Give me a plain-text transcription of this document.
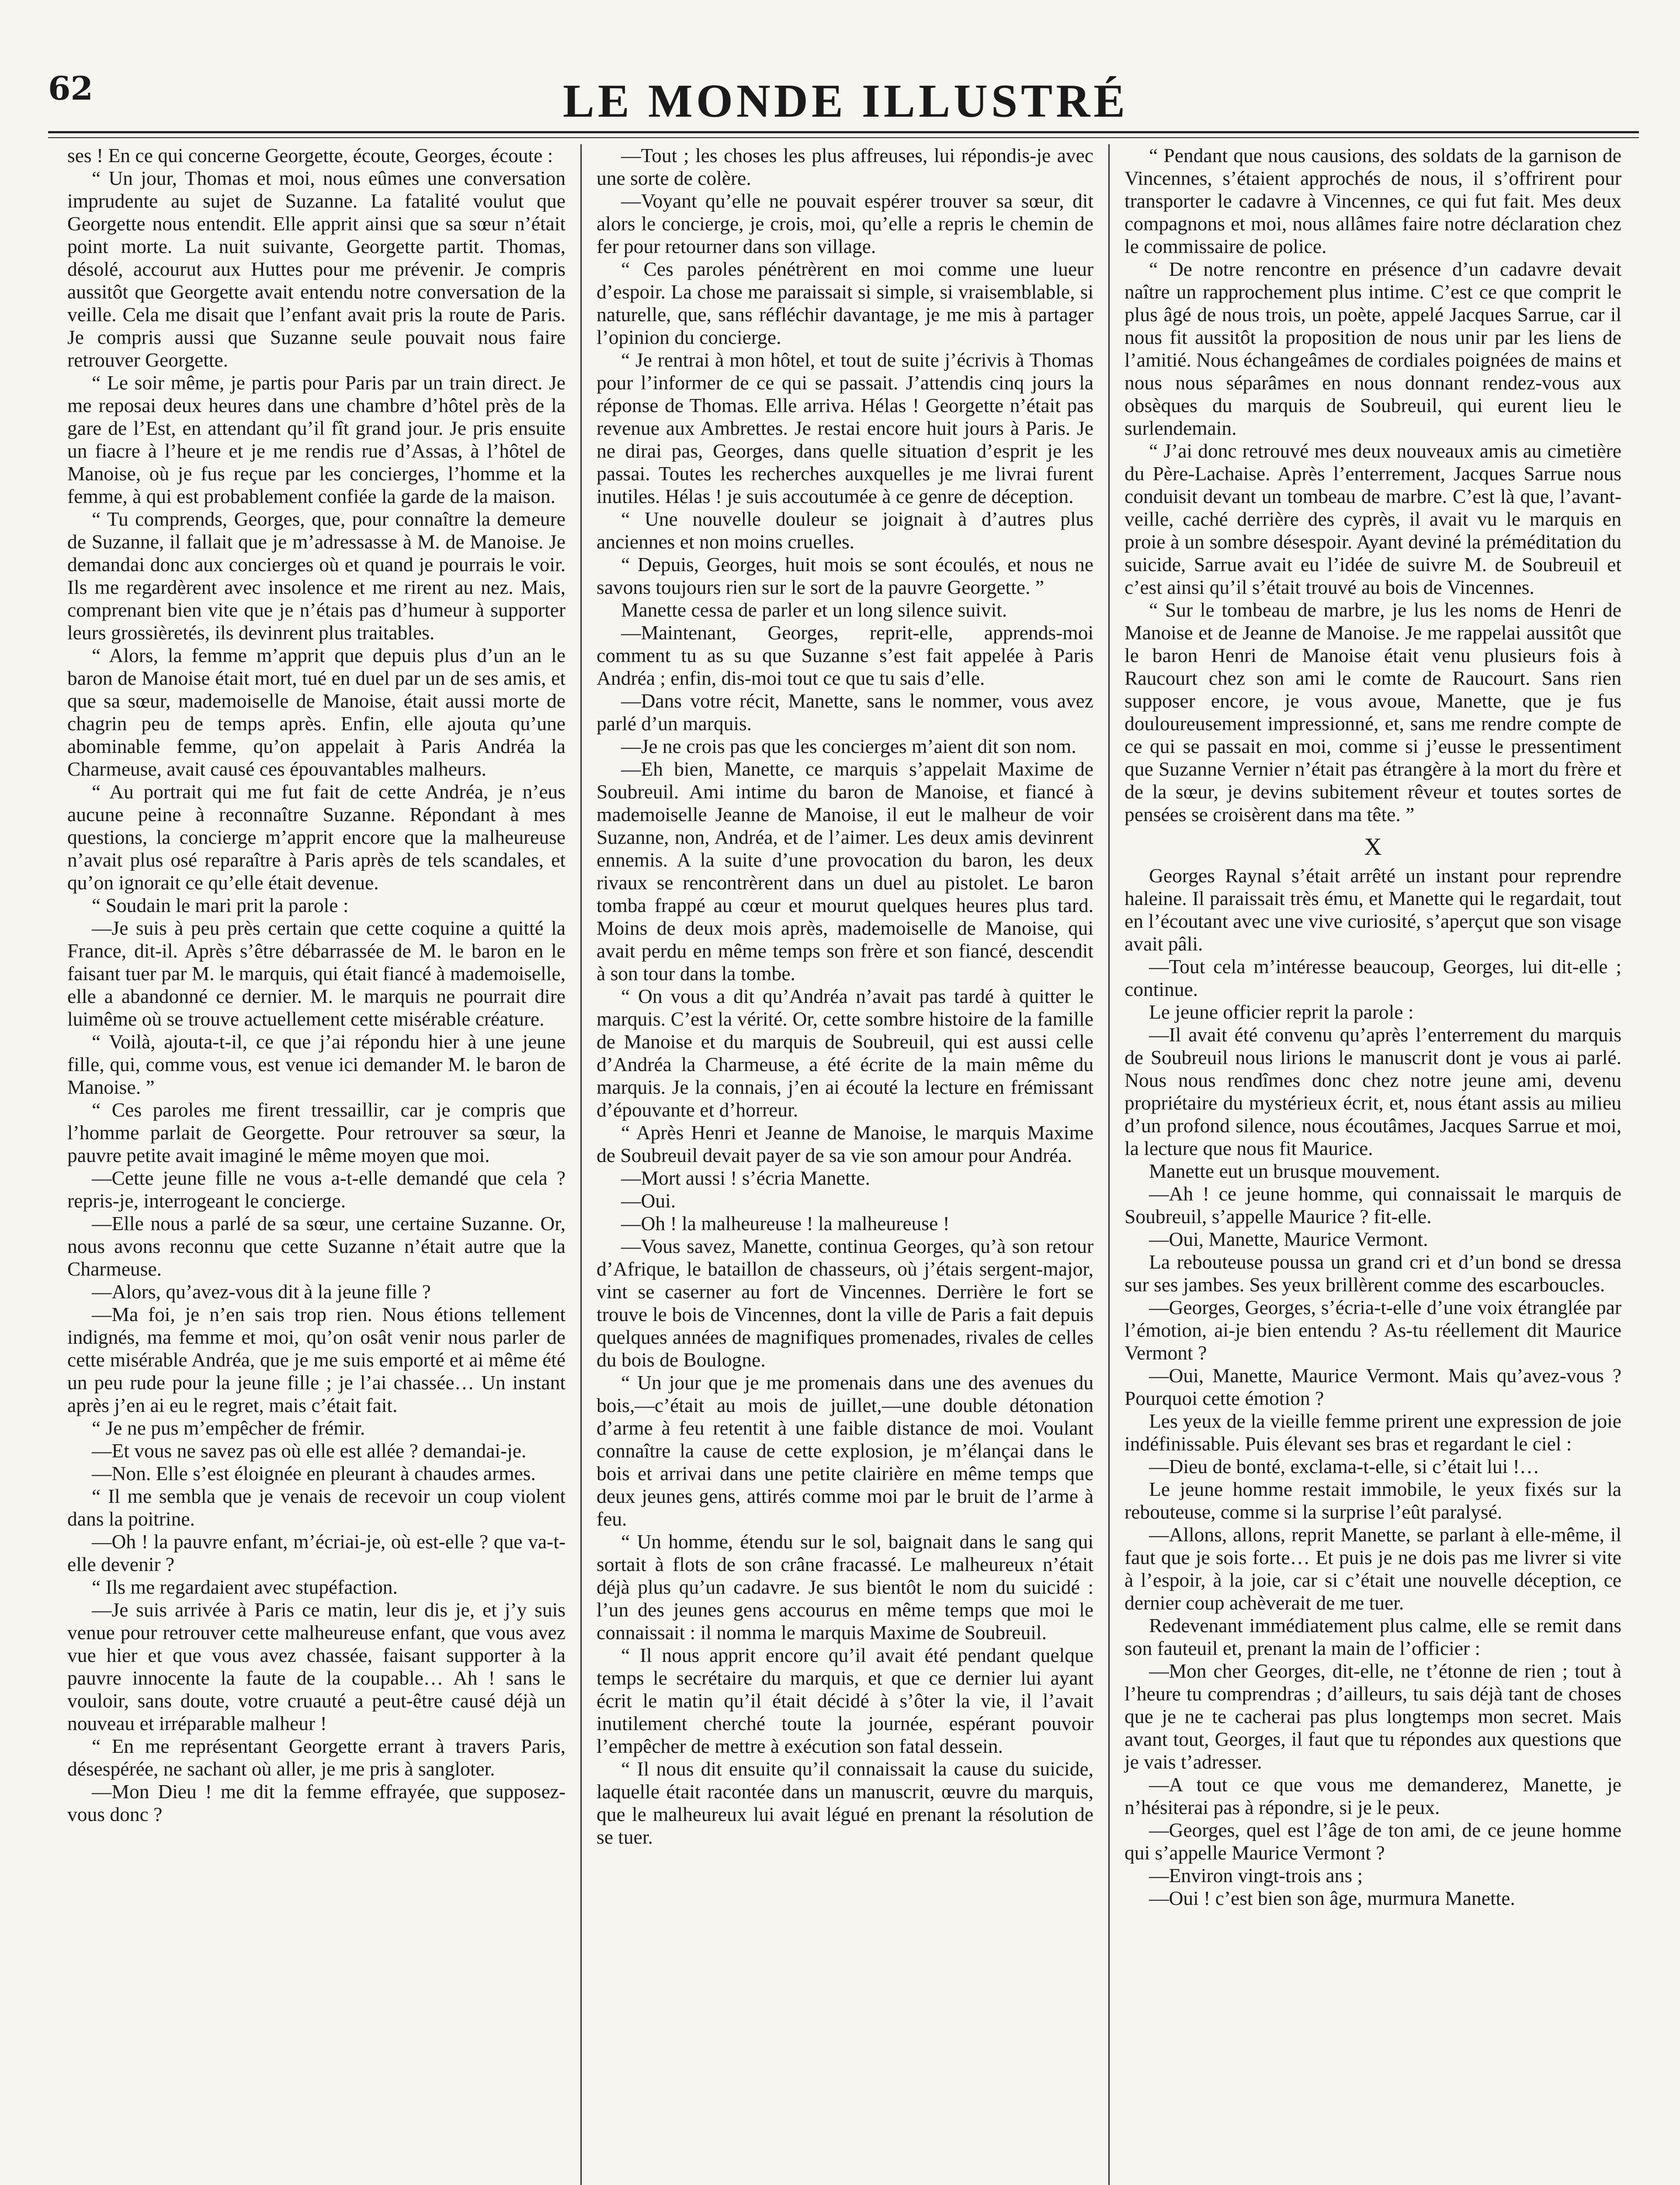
62	LE MONDE ILLUSTRÉ

ses ! En ce qui concerne Georgette, écoute, Georges, écoute :

“ Un jour, Thomas et moi, nous eûmes une conversation imprudente au sujet de Suzanne. La fatalité voulut que Georgette nous entendit. Elle apprit ainsi que sa sœur n’était point morte. La nuit suivante, Georgette partit. Thomas, désolé, accourut aux Huttes pour me prévenir. Je compris aussitôt que Georgette avait entendu notre conversation de la veille. Cela me disait que l’enfant avait pris la route de Paris. Je compris aussi que Suzanne seule pouvait nous faire retrouver Georgette.

“ Le soir même, je partis pour Paris par un train direct. Je me reposai deux heures dans une chambre d’hôtel près de la gare de l’Est, en attendant qu’il fît grand jour. Je pris ensuite un fiacre à l’heure et je me rendis rue d’Assas, à l’hôtel de Manoise, où je fus reçue par les concierges, l’homme et la femme, à qui est probablement confiée la garde de la maison.

“ Tu comprends, Georges, que, pour connaître la demeure de Suzanne, il fallait que je m’adressasse à M. de Manoise. Je demandai donc aux concierges où et quand je pourrais le voir. Ils me regardèrent avec insolence et me rirent au nez. Mais, comprenant bien vite que je n’étais pas d’humeur à supporter leurs grossièretés, ils devinrent plus traitables.

“ Alors, la femme m’apprit que depuis plus d’un an le baron de Manoise était mort, tué en duel par un de ses amis, et que sa sœur, mademoiselle de Manoise, était aussi morte de chagrin peu de temps après. Enfin, elle ajouta qu’une abominable femme, qu’on appelait à Paris Andréa la Charmeuse, avait causé ces épouvantables malheurs.

“ Au portrait qui me fut fait de cette Andréa, je n’eus aucune peine à reconnaître Suzanne. Répondant à mes questions, la concierge m’apprit encore que la malheureuse n’avait plus osé reparaître à Paris après de tels scandales, et qu’on ignorait ce qu’elle était devenue.

“ Soudain le mari prit la parole :

—Je suis à peu près certain que cette coquine a quitté la France, dit-il. Après s’être débarrassée de M. le baron en le faisant tuer par M. le marquis, qui était fiancé à mademoiselle, elle a abandonné ce dernier. M. le marquis ne pourrait dire luimême où se trouve actuellement cette misérable créature.

“ Voilà, ajouta-t-il, ce que j’ai répondu hier à une jeune fille, qui, comme vous, est venue ici demander M. le baron de Manoise. ”

“ Ces paroles me firent tressaillir, car je compris que l’homme parlait de Georgette. Pour retrouver sa sœur, la pauvre petite avait imaginé le même moyen que moi.

—Cette jeune fille ne vous a-t-elle demandé que cela ? repris-je, interrogeant le concierge.

—Elle nous a parlé de sa sœur, une certaine Suzanne. Or, nous avons reconnu que cette Suzanne n’était autre que la Charmeuse.

—Alors, qu’avez-vous dit à la jeune fille ?

—Ma foi, je n’en sais trop rien. Nous étions tellement indignés, ma femme et moi, qu’on osât venir nous parler de cette misérable Andréa, que je me suis emporté et ai même été un peu rude pour la jeune fille ; je l’ai chassée… Un instant après j’en ai eu le regret, mais c’était fait.

“ Je ne pus m’empêcher de frémir.

—Et vous ne savez pas où elle est allée ? demandai-je.

—Non. Elle s’est éloignée en pleurant à chaudes armes.

“ Il me sembla que je venais de recevoir un coup violent dans la poitrine.

—Oh ! la pauvre enfant, m’écriai-je, où est-elle ? que va-t-elle devenir ?

“ Ils me regardaient avec stupéfaction.

—Je suis arrivée à Paris ce matin, leur dis je, et j’y suis venue pour retrouver cette malheureuse enfant, que vous avez vue hier et que vous avez chassée, faisant supporter à la pauvre innocente la faute de la coupable… Ah ! sans le vouloir, sans doute, votre cruauté a peut-être causé déjà un nouveau et irréparable malheur !

“ En me représentant Georgette errant à travers Paris, désespérée, ne sachant où aller, je me pris à sangloter.

—Mon Dieu ! me dit la femme effrayée, que supposez-vous donc ?

—Tout ; les choses les plus affreuses, lui répondis-je avec une sorte de colère.

—Voyant qu’elle ne pouvait espérer trouver sa sœur, dit alors le concierge, je crois, moi, qu’elle a repris le chemin de fer pour retourner dans son village.

“ Ces paroles pénétrèrent en moi comme une lueur d’espoir. La chose me paraissait si simple, si vraisemblable, si naturelle, que, sans réfléchir davantage, je me mis à partager l’opinion du concierge.

“ Je rentrai à mon hôtel, et tout de suite j’écrivis à Thomas pour l’informer de ce qui se passait. J’attendis cinq jours la réponse de Thomas. Elle arriva. Hélas ! Georgette n’était pas revenue aux Ambrettes. Je restai encore huit jours à Paris. Je ne dirai pas, Georges, dans quelle situation d’esprit je les passai. Toutes les recherches auxquelles je me livrai furent inutiles. Hélas ! je suis accoutumée à ce genre de déception.

“ Une nouvelle douleur se joignait à d’autres plus anciennes et non moins cruelles.

“ Depuis, Georges, huit mois se sont écoulés, et nous ne savons toujours rien sur le sort de la pauvre Georgette. ”

Manette cessa de parler et un long silence suivit.

—Maintenant, Georges, reprit-elle, apprends-moi comment tu as su que Suzanne s’est fait appelée à Paris Andréa ; enfin, dis-moi tout ce que tu sais d’elle.

—Dans votre récit, Manette, sans le nommer, vous avez parlé d’un marquis.

—Je ne crois pas que les concierges m’aient dit son nom.

—Eh bien, Manette, ce marquis s’appelait Maxime de Soubreuil. Ami intime du baron de Manoise, et fiancé à mademoiselle Jeanne de Manoise, il eut le malheur de voir Suzanne, non, Andréa, et de l’aimer. Les deux amis devinrent ennemis. A la suite d’une provocation du baron, les deux rivaux se rencontrèrent dans un duel au pistolet. Le baron tomba frappé au cœur et mourut quelques heures plus tard. Moins de deux mois après, mademoiselle de Manoise, qui avait perdu en même temps son frère et son fiancé, descendit à son tour dans la tombe.

“ On vous a dit qu’Andréa n’avait pas tardé à quitter le marquis. C’est la vérité. Or, cette sombre histoire de la famille de Manoise et du marquis de Soubreuil, qui est aussi celle d’Andréa la Charmeuse, a été écrite de la main même du marquis. Je la connais, j’en ai écouté la lecture en frémissant d’épouvante et d’horreur.

“ Après Henri et Jeanne de Manoise, le marquis Maxime de Soubreuil devait payer de sa vie son amour pour Andréa.

—Mort aussi ! s’écria Manette.

—Oui.

—Oh ! la malheureuse ! la malheureuse !

—Vous savez, Manette, continua Georges, qu’à son retour d’Afrique, le bataillon de chasseurs, où j’étais sergent-major, vint se caserner au fort de Vincennes. Derrière le fort se trouve le bois de Vincennes, dont la ville de Paris a fait depuis quelques années de magnifiques promenades, rivales de celles du bois de Boulogne.

“ Un jour que je me promenais dans une des avenues du bois,—c’était au mois de juillet,—une double détonation d’arme à feu retentit à une faible distance de moi. Voulant connaître la cause de cette explosion, je m’élançai dans le bois et arrivai dans une petite clairière en même temps que deux jeunes gens, attirés comme moi par le bruit de l’arme à feu.

“ Un homme, étendu sur le sol, baignait dans le sang qui sortait à flots de son crâne fracassé. Le malheureux n’était déjà plus qu’un cadavre. Je sus bientôt le nom du suicidé : l’un des jeunes gens accourus en même temps que moi le connaissait : il nomma le marquis Maxime de Soubreuil.

“ Il nous apprit encore qu’il avait été pendant quelque temps le secrétaire du marquis, et que ce dernier lui ayant écrit le matin qu’il était décidé à s’ôter la vie, il l’avait inutilement cherché toute la journée, espérant pouvoir l’empêcher de mettre à exécution son fatal dessein.

“ Il nous dit ensuite qu’il connaissait la cause du suicide, laquelle était racontée dans un manuscrit, œuvre du marquis, que le malheureux lui avait légué en prenant la résolution de se tuer.

“ Pendant que nous causions, des soldats de la garnison de Vincennes, s’étaient approchés de nous, il s’offrirent pour transporter le cadavre à Vincennes, ce qui fut fait. Mes deux compagnons et moi, nous allâmes faire notre déclaration chez le commissaire de police.

“ De notre rencontre en présence d’un cadavre devait naître un rapprochement plus intime. C’est ce que comprit le plus âgé de nous trois, un poète, appelé Jacques Sarrue, car il nous fit aussitôt la proposition de nous unir par les liens de l’amitié. Nous échangeâmes de cordiales poignées de mains et nous nous séparâmes en nous donnant rendez-vous aux obsèques du marquis de Soubreuil, qui eurent lieu le surlendemain.

“ J’ai donc retrouvé mes deux nouveaux amis au cimetière du Père-Lachaise. Après l’enterrement, Jacques Sarrue nous conduisit devant un tombeau de marbre. C’est là que, l’avant-veille, caché derrière des cyprès, il avait vu le marquis en proie à un sombre désespoir. Ayant deviné la préméditation du suicide, Sarrue avait eu l’idée de suivre M. de Soubreuil et c’est ainsi qu’il s’était trouvé au bois de Vincennes.

“ Sur le tombeau de marbre, je lus les noms de Henri de Manoise et de Jeanne de Manoise. Je me rappelai aussitôt que le baron Henri de Manoise était venu plusieurs fois à Raucourt chez son ami le comte de Raucourt. Sans rien supposer encore, je vous avoue, Manette, que je fus douloureusement impressionné, et, sans me rendre compte de ce qui se passait en moi, comme si j’eusse le pressentiment que Suzanne Vernier n’était pas étrangère à la mort du frère et de la sœur, je devins subitement rêveur et toutes sortes de pensées se croisèrent dans ma tête. ”

X

Georges Raynal s’était arrêté un instant pour reprendre haleine. Il paraissait très ému, et Manette qui le regardait, tout en l’écoutant avec une vive curiosité, s’aperçut que son visage avait pâli.

—Tout cela m’intéresse beaucoup, Georges, lui dit-elle ; continue.

Le jeune officier reprit la parole :

—Il avait été convenu qu’après l’enterrement du marquis de Soubreuil nous lirions le manuscrit dont je vous ai parlé. Nous nous rendîmes donc chez notre jeune ami, devenu propriétaire du mystérieux écrit, et, nous étant assis au milieu d’un profond silence, nous écoutâmes, Jacques Sarrue et moi, la lecture que nous fit Maurice.

Manette eut un brusque mouvement.

—Ah ! ce jeune homme, qui connaissait le marquis de Soubreuil, s’appelle Maurice ? fit-elle.

—Oui, Manette, Maurice Vermont.

La rebouteuse poussa un grand cri et d’un bond se dressa sur ses jambes. Ses yeux brillèrent comme des escarboucles.

—Georges, Georges, s’écria-t-elle d’une voix étranglée par l’émotion, ai-je bien entendu ? As-tu réellement dit Maurice Vermont ?

—Oui, Manette, Maurice Vermont. Mais qu’avez-vous ? Pourquoi cette émotion ?

Les yeux de la vieille femme prirent une expression de joie indéfinissable. Puis élevant ses bras et regardant le ciel :

—Dieu de bonté, exclama-t-elle, si c’était lui !…

Le jeune homme restait immobile, le yeux fixés sur la rebouteuse, comme si la surprise l’eût paralysé.

—Allons, allons, reprit Manette, se parlant à elle-même, il faut que je sois forte… Et puis je ne dois pas me livrer si vite à l’espoir, à la joie, car si c’était une nouvelle déception, ce dernier coup achèverait de me tuer.

Redevenant immédiatement plus calme, elle se remit dans son fauteuil et, prenant la main de l’officier :

—Mon cher Georges, dit-elle, ne t’étonne de rien ; tout à l’heure tu comprendras ; d’ailleurs, tu sais déjà tant de choses que je ne te cacherai pas plus longtemps mon secret. Mais avant tout, Georges, il faut que tu répondes aux questions que je vais t’adresser.

—A tout ce que vous me demanderez, Manette, je n’hésiterai pas à répondre, si je le peux.

—Georges, quel est l’âge de ton ami, de ce jeune homme qui s’appelle Maurice Vermont ?

—Environ vingt-trois ans ;

—Oui ! c’est bien son âge, murmura Manette.
